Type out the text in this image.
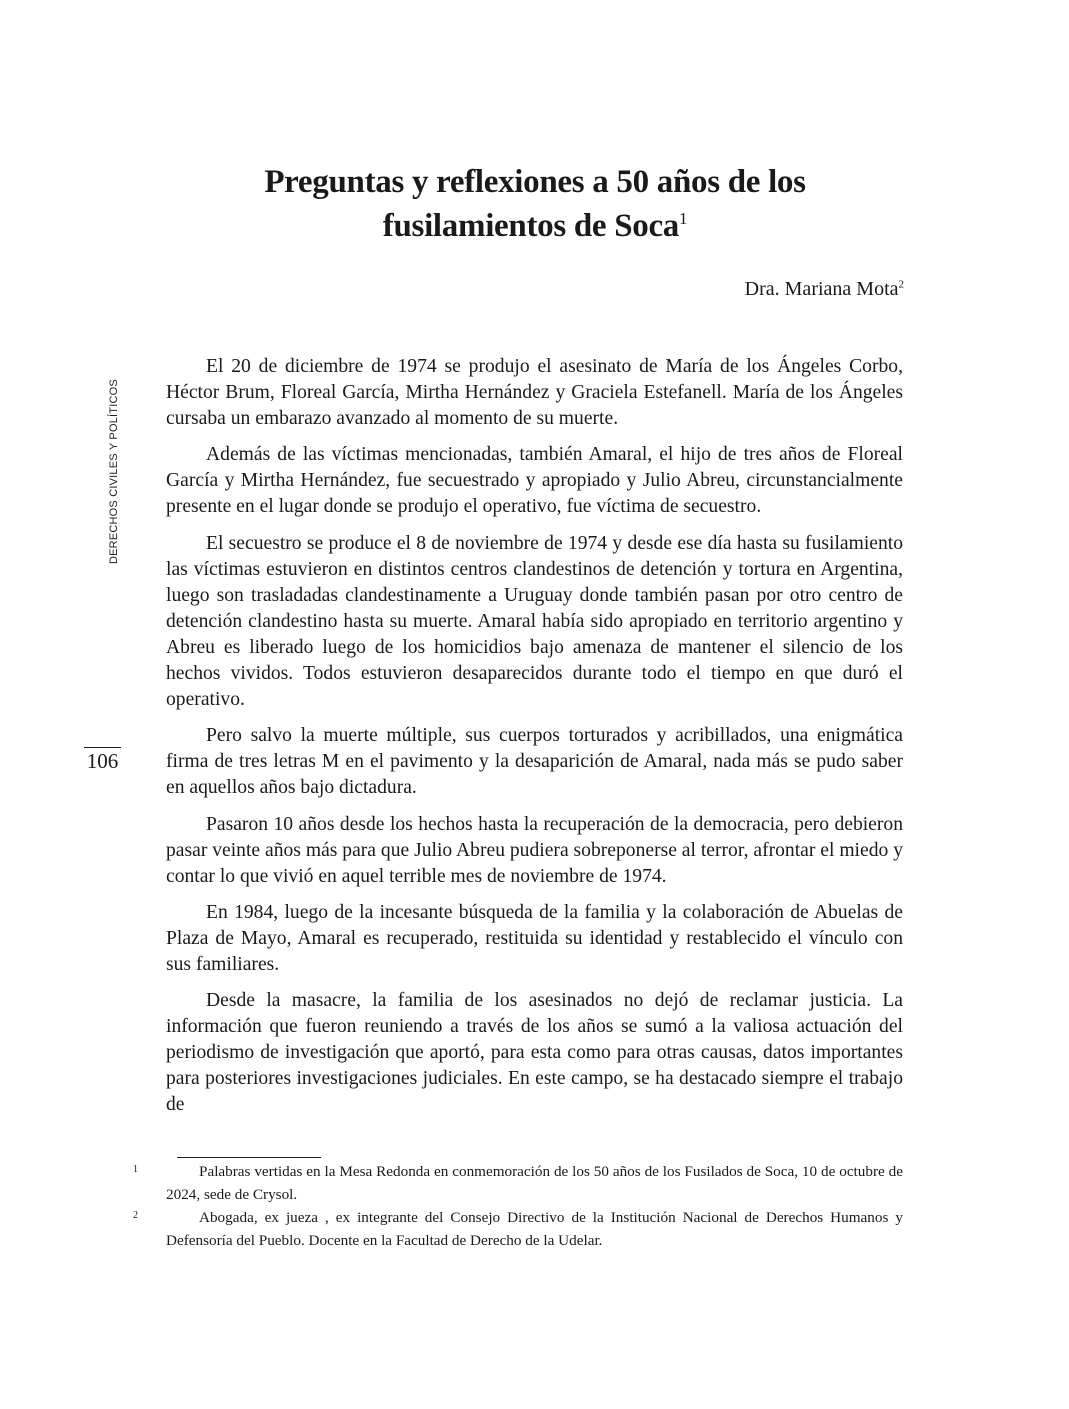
Preguntas y reflexiones a 50 años de los
fusilamientos de Soca$^1$
Dra. Mariana Mota$^2$
DERECHOS CIVILES Y POLÍTICOS
106

El 20 de diciembre de 1974 se produjo el asesinato de María de los Ángeles Corbo, Héctor Brum, Floreal García, Mirtha Hernández y Graciela Estefanell. María de los Ángeles cursaba un embarazo avanzado al momento de su muerte.

Además de las víctimas mencionadas, también Amaral, el hijo de tres años de Floreal García y Mirtha Hernández, fue secuestrado y apropiado y Julio Abreu, circunstancialmente presente en el lugar donde se produjo el operativo, fue víctima de secuestro.

El secuestro se produce el 8 de noviembre de 1974 y desde ese día hasta su fusilamiento las víctimas estuvieron en distintos centros clandestinos de detención y tortura en Argentina, luego son trasladadas clandestinamente a Uruguay donde también pasan por otro centro de detención clandestino hasta su muerte. Amaral había sido apropiado en territorio argentino y Abreu es liberado luego de los homicidios bajo amenaza de mantener el silencio de los hechos vividos. Todos estuvieron desaparecidos durante todo el tiempo en que duró el operativo.

Pero salvo la muerte múltiple, sus cuerpos torturados y acribillados, una enigmática firma de tres letras M en el pavimento y la desaparición de Amaral, nada más se pudo saber en aquellos años bajo dictadura.

Pasaron 10 años desde los hechos hasta la recuperación de la democracia, pero debieron pasar veinte años más para que Julio Abreu pudiera sobreponerse al terror, afrontar el miedo y contar lo que vivió en aquel terrible mes de noviembre de 1974.

En 1984, luego de la incesante búsqueda de la familia y la colaboración de Abuelas de Plaza de Mayo, Amaral es recuperado, restituida su identidad y restablecido el vínculo con sus familiares.

Desde la masacre, la familia de los asesinados no dejó de reclamar justicia. La información que fueron reuniendo a través de los años se sumó a la valiosa actuación del periodismo de investigación que aportó, para esta como para otras causas, datos importantes para posteriores investigaciones judiciales. En este campo, se ha destacado siempre el trabajo de

1	Palabras vertidas en la Mesa Redonda en conmemoración de los 50 años de los Fusilados de Soca, 10 de octubre de 2024, sede de Crysol.

2	Abogada, ex jueza , ex integrante del Consejo Directivo de la Institución Nacional de Derechos Humanos y Defensoría del Pueblo. Docente en la Facultad de Derecho de la Udelar.
